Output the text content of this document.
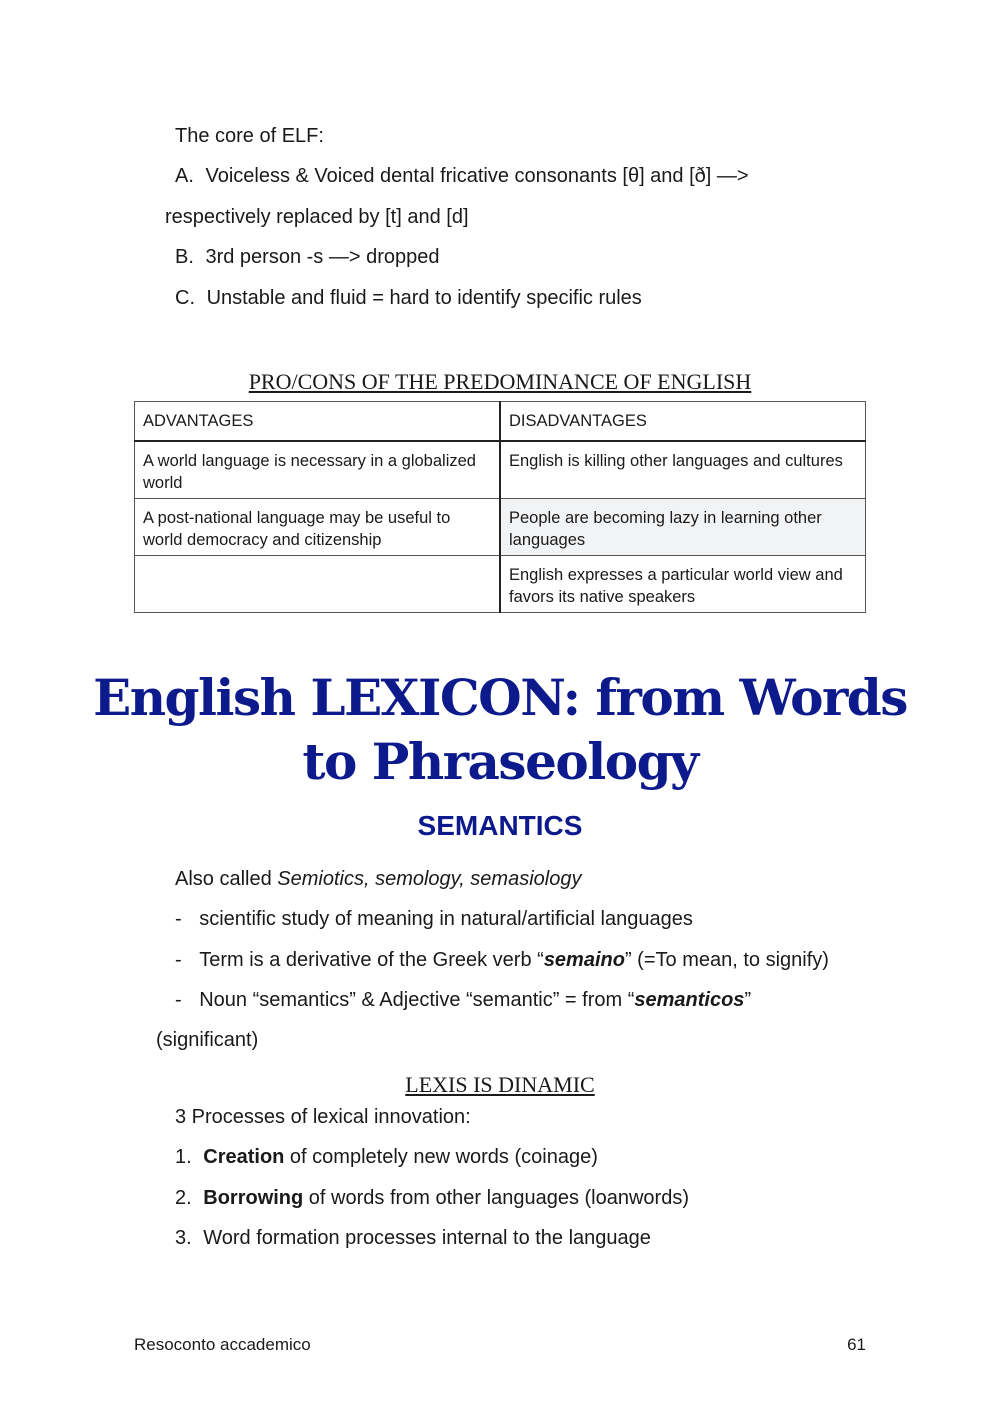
The core of ELF:
A. Voiceless & Voiced dental fricative consonants [θ] and [ð] —>
respectively replaced by [t] and [d]
B. 3rd person -s —> dropped
C. Unstable and fluid = hard to identify specific rules
PRO/CONS OF THE PREDOMINANCE OF ENGLISH
ADVANTAGES	DISADVANTAGES
A world language is necessary in a globalized world	English is killing other languages and cultures
A post-national language may be useful to world democracy and citizenship	People are becoming lazy in learning other languages
	English expresses a particular world view and favors its native speakers
English LEXICON: from Words
to Phraseology
SEMANTICS
Also called Semiotics, semology, semasiology
- scientific study of meaning in natural/artificial languages
- Term is a derivative of the Greek verb “semaino” (=To mean, to signify)
- Noun “semantics” & Adjective “semantic” = from “semanticos”
(significant)
LEXIS IS DINAMIC
3 Processes of lexical innovation:
1. Creation of completely new words (coinage)
2. Borrowing of words from other languages (loanwords)
3. Word formation processes internal to the language
Resoconto accademico	61
